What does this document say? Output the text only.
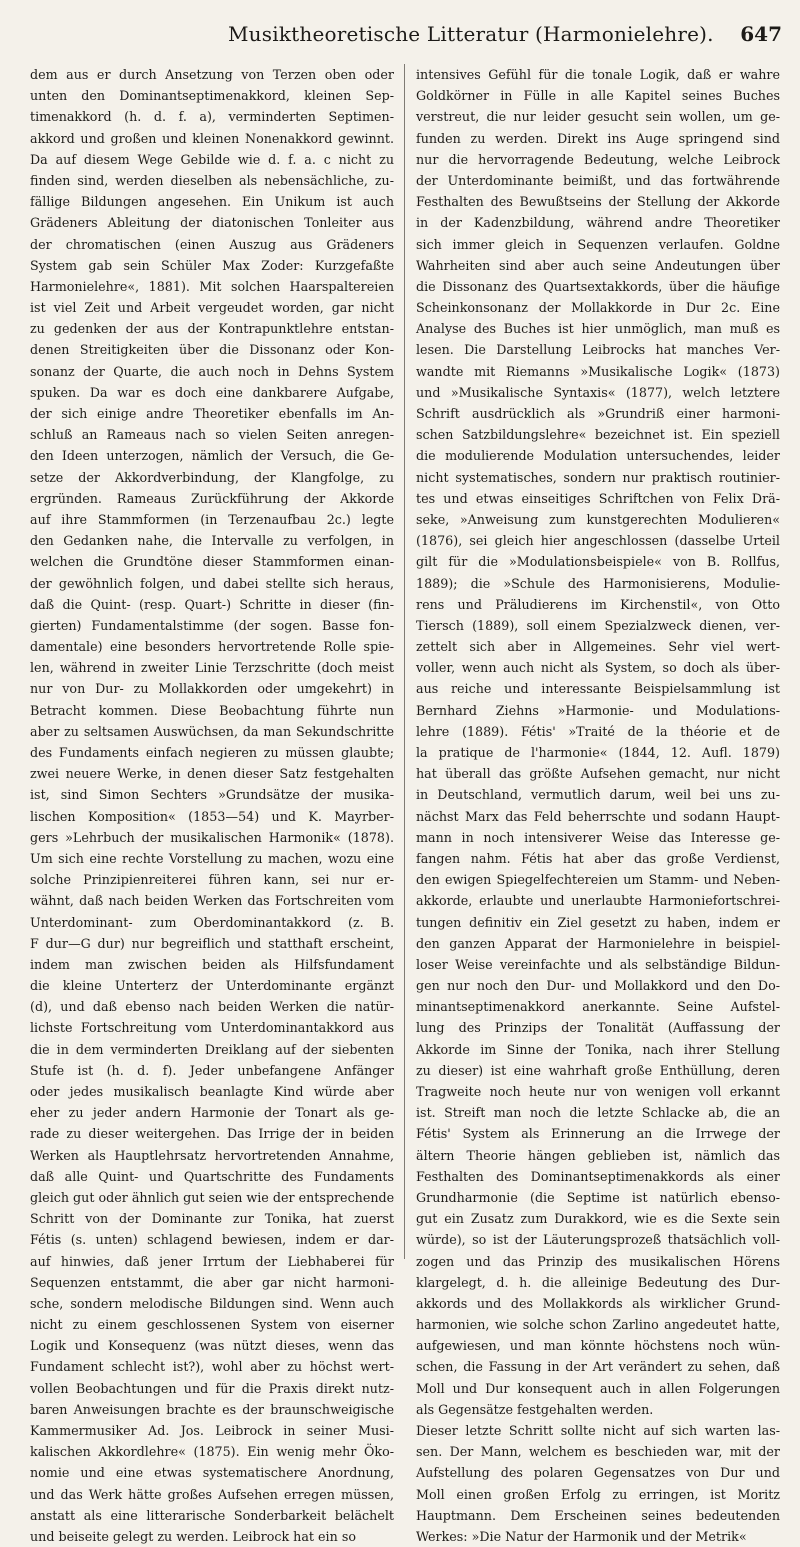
Musiktheoretische Litteratur (Harmonielehre). 647
dem aus er durch Ansetzung von Terzen oben oder
unten den Dominantseptimenakkord, kleinen Sep-
timenakkord (h. d. f. a), verminderten Septimen-
akkord und großen und kleinen Nonenakkord gewinnt.
Da auf diesem Wege Gebilde wie d. f. a. c nicht zu
finden sind, werden dieselben als nebensächliche, zu-
fällige Bildungen angesehen. Ein Unikum ist auch
Grädeners Ableitung der diatonischen Tonleiter aus
der chromatischen (einen Auszug aus Grädeners
System gab sein Schüler Max Zoder: Kurzgefaßte
Harmonielehre«, 1881). Mit solchen Haarspaltereien
ist viel Zeit und Arbeit vergeudet worden, gar nicht
zu gedenken der aus der Kontrapunktlehre entstan-
denen Streitigkeiten über die Dissonanz oder Kon-
sonanz der Quarte, die auch noch in Dehns System
spuken. Da war es doch eine dankbarere Aufgabe,
der sich einige andre Theoretiker ebenfalls im An-
schluß an Rameaus nach so vielen Seiten anregen-
den Ideen unterzogen, nämlich der Versuch, die Ge-
setze der Akkordverbindung, der Klangfolge, zu
ergründen. Rameaus Zurückführung der Akkorde
auf ihre Stammformen (in Terzenaufbau 2c.) legte
den Gedanken nahe, die Intervalle zu verfolgen, in
welchen die Grundtöne dieser Stammformen einan-
der gewöhnlich folgen, und dabei stellte sich heraus,
daß die Quint- (resp. Quart-) Schritte in dieser (fin-
gierten) Fundamentalstimme (der sogen. Basse fon-
damentale) eine besonders hervortretende Rolle spie-
len, während in zweiter Linie Terzschritte (doch meist
nur von Dur- zu Mollakkorden oder umgekehrt) in
Betracht kommen. Diese Beobachtung führte nun
aber zu seltsamen Auswüchsen, da man Sekundschritte
des Fundaments einfach negieren zu müssen glaubte;
zwei neuere Werke, in denen dieser Satz festgehalten
ist, sind Simon Sechters »Grundsätze der musika-
lischen Komposition« (1853—54) und K. Mayrber-
gers »Lehrbuch der musikalischen Harmonik« (1878).
Um sich eine rechte Vorstellung zu machen, wozu eine
solche Prinzipienreiterei führen kann, sei nur er-
wähnt, daß nach beiden Werken das Fortschreiten vom
Unterdominant- zum Oberdominantakkord (z. B.
F dur—G dur) nur begreiflich und statthaft erscheint,
indem man zwischen beiden als Hilfsfundament
die kleine Unterterz der Unterdominante ergänzt
(d), und daß ebenso nach beiden Werken die natür-
lichste Fortschreitung vom Unterdominantakkord aus
die in dem verminderten Dreiklang auf der siebenten
Stufe ist (h. d. f). Jeder unbefangene Anfänger
oder jedes musikalisch beanlagte Kind würde aber
eher zu jeder andern Harmonie der Tonart als ge-
rade zu dieser weitergehen. Das Irrige der in beiden
Werken als Hauptlehrsatz hervortretenden Annahme,
daß alle Quint- und Quartschritte des Fundaments
gleich gut oder ähnlich gut seien wie der entsprechende
Schritt von der Dominante zur Tonika, hat zuerst
Fétis (s. unten) schlagend bewiesen, indem er dar-
auf hinwies, daß jener Irrtum der Liebhaberei für
Sequenzen entstammt, die aber gar nicht harmoni-
sche, sondern melodische Bildungen sind. Wenn auch
nicht zu einem geschlossenen System von eiserner
Logik und Konsequenz (was nützt dieses, wenn das
Fundament schlecht ist?), wohl aber zu höchst wert-
vollen Beobachtungen und für die Praxis direkt nutz-
baren Anweisungen brachte es der braunschweigische
Kammermusiker Ad. Jos. Leibrock in seiner Musi-
kalischen Akkordlehre« (1875). Ein wenig mehr Öko-
nomie und eine etwas systematischere Anordnung,
und das Werk hätte großes Aufsehen erregen müssen,
anstatt als eine litterarische Sonderbarkeit belächelt
und beiseite gelegt zu werden. Leibrock hat ein so
intensives Gefühl für die tonale Logik, daß er wahre
Goldkörner in Fülle in alle Kapitel seines Buches
verstreut, die nur leider gesucht sein wollen, um ge-
funden zu werden. Direkt ins Auge springend sind
nur die hervorragende Bedeutung, welche Leibrock
der Unterdominante beimißt, und das fortwährende
Festhalten des Bewußtseins der Stellung der Akkorde
in der Kadenzbildung, während andre Theoretiker
sich immer gleich in Sequenzen verlaufen. Goldne
Wahrheiten sind aber auch seine Andeutungen über
die Dissonanz des Quartsextakkords, über die häufige
Scheinkonsonanz der Mollakkorde in Dur 2c. Eine
Analyse des Buches ist hier unmöglich, man muß es
lesen. Die Darstellung Leibrocks hat manches Ver-
wandte mit Riemanns »Musikalische Logik« (1873)
und »Musikalische Syntaxis« (1877), welch letztere
Schrift ausdrücklich als »Grundriß einer harmoni-
schen Satzbildungslehre« bezeichnet ist. Ein speziell
die modulierende Modulation untersuchendes, leider
nicht systematisches, sondern nur praktisch routinier-
tes und etwas einseitiges Schriftchen von Felix Drä-
seke, »Anweisung zum kunstgerechten Modulieren«
(1876), sei gleich hier angeschlossen (dasselbe Urteil
gilt für die »Modulationsbeispiele« von B. Rollfus,
1889); die »Schule des Harmonisierens, Modulie-
rens und Präludierens im Kirchenstil«, von Otto
Tiersch (1889), soll einem Spezialzweck dienen, ver-
zettelt sich aber in Allgemeines. Sehr viel wert-
voller, wenn auch nicht als System, so doch als über-
aus reiche und interessante Beispielsammlung ist
Bernhard Ziehns »Harmonie- und Modulations-
lehre (1889). Fétis' »Traité de la théorie et de
la pratique de l'harmonie« (1844, 12. Aufl. 1879)
hat überall das größte Aufsehen gemacht, nur nicht
in Deutschland, vermutlich darum, weil bei uns zu-
nächst Marx das Feld beherrschte und sodann Haupt-
mann in noch intensiverer Weise das Interesse ge-
fangen nahm. Fétis hat aber das große Verdienst,
den ewigen Spiegelfechtereien um Stamm- und Neben-
akkorde, erlaubte und unerlaubte Harmoniefortschrei-
tungen definitiv ein Ziel gesetzt zu haben, indem er
den ganzen Apparat der Harmonielehre in beispiel-
loser Weise vereinfachte und als selbständige Bildun-
gen nur noch den Dur- und Mollakkord und den Do-
minantseptimenakkord anerkannte. Seine Aufstel-
lung des Prinzips der Tonalität (Auffassung der
Akkorde im Sinne der Tonika, nach ihrer Stellung
zu dieser) ist eine wahrhaft große Enthüllung, deren
Tragweite noch heute nur von wenigen voll erkannt
ist. Streift man noch die letzte Schlacke ab, die an
Fétis' System als Erinnerung an die Irrwege der
ältern Theorie hängen geblieben ist, nämlich das
Festhalten des Dominantseptimenakkords als einer
Grundharmonie (die Septime ist natürlich ebenso-
gut ein Zusatz zum Durakkord, wie es die Sexte sein
würde), so ist der Läuterungsprozeß thatsächlich voll-
zogen und das Prinzip des musikalischen Hörens
klargelegt, d. h. die alleinige Bedeutung des Dur-
akkords und des Mollakkords als wirklicher Grund-
harmonien, wie solche schon Zarlino angedeutet hatte,
aufgewiesen, und man könnte höchstens noch wün-
schen, die Fassung in der Art verändert zu sehen, daß
Moll und Dur konsequent auch in allen Folgerungen
als Gegensätze festgehalten werden.
Dieser letzte Schritt sollte nicht auf sich warten las-
sen. Der Mann, welchem es beschieden war, mit der
Aufstellung des polaren Gegensatzes von Dur und
Moll einen großen Erfolg zu erringen, ist Moritz
Hauptmann. Dem Erscheinen seines bedeutenden
Werkes: »Die Natur der Harmonik und der Metrik«
